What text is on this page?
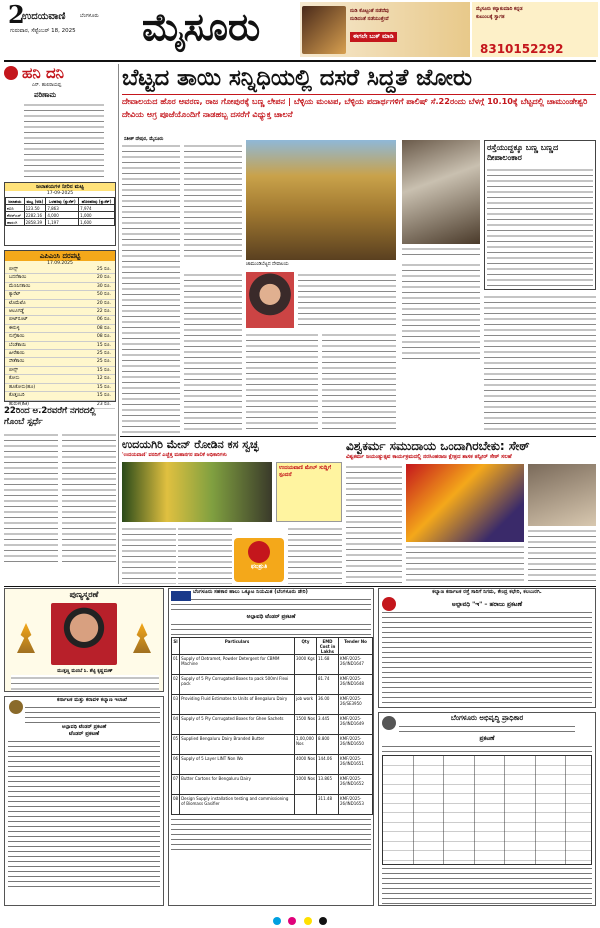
2
ಉದಯವಾಣಿ	ಬೆಂಗಳೂರು
ಗುರುವಾರ, ಸೆಪ್ಟೆಂಬರ್ 18, 2025 ಮೈಸೂರು	ನುಡಿ ಕೊಟ್ಟಂತೆ ನಡೆದೆವು
ನುಡಿದಂತೆ ನಡೆಯುತ್ತೇವೆ
ಈಗಲೇ ಬುಕ್ ಮಾಡಿ
ಮೈಸೂರು ಕನ್ಯಾಕುಮಾರಿ ಕನ್ನಡ
ಕುಟುಂಬಕ್ಕೆ ಸ್ವಾಗತ
8310152292
ಹನಿ ದನಿ
ಎನ್. ಹುಲಿರಾಯಪ್ಪ
ಪರಿಣಾಮ
ಜಲಾಶಯಗಳ ನೀರಿನ ಮಟ್ಟ
17-09-2025
ಜಲಾಶಯ	ಮಟ್ಟ (ಅಡಿ)	ಒಳಹರಿವು (ಕ್ಯುಸೆಕ್)	ಹೊರಹರಿವು (ಕ್ಯುಸೆಕ್)
ಕಬಿನಿ	123.50	7,863	7,974
ಕೆಆರ್‌ಎಸ್	2282.16	4,000	1,000
ಹಾರಂಗಿ	2858.39	1,197	1,600
ಎಪಿಎಂಸಿ ದರಪಟ್ಟಿ
17.09.2025
ಬೀನ್ಸ್	25 ರೂ.
ಬದನೆಕಾಯಿ	20 ರೂ.
ಮೆಣಸಿನಕಾಯಿ	30 ರೂ.
ಕ್ಯಾರೆಟ್	50 ರೂ.
ಟೊಮೆಟೊ	20 ರೂ.
ಆಲೂಗಡ್ಡೆ	22 ರೂ.
ಬೀಟ್‌ರೂಟ್	06 ರೂ.
ಈರುಳ್ಳಿ	08 ರೂ.
ನುಗ್ಗೆಕಾಯಿ	08 ರೂ.
ಬೆಂಡೆಕಾಯಿ	15 ರೂ.
ಹೀರೆಕಾಯಿ	25 ರೂ.
ಸೌತೆಕಾಯಿ	25 ರೂ.
ಬೀನ್ಸ್	15 ರೂ.
ಕೋಸು	12 ರೂ.
ಹೂಕೋಸು(ಹೂ)	15 ರೂ.
ಕೊತ್ತಂಬರಿ	15 ರೂ.
ಹುರುಳಿ(ಕೆಜಿ)	23 ರೂ.
22ರಿಂದ ಅ.2ರವರೆಗೆ ನಗರದಲ್ಲಿ ಗೊಂಬೆ ಸ್ಪರ್ಧೆ
ಬೆಟ್ಟದ ತಾಯಿ ಸನ್ನಿಧಿಯಲ್ಲಿ ದಸರೆ ಸಿದ್ದತೆ ಜೋರು
ದೇವಾಲಯದ ಹೊರ ಆವರಣ, ರಾಜ ಗೋಪುರಕ್ಕೆ ಬಣ್ಣ ಲೇಪನ | ಬೆಳ್ಳಿಯ ಮಂಟಪ, ಬೆಳ್ಳಿಯ ಪದಾರ್ಥಗಳಿಗೆ ಪಾಲಿಷ್ ಸೆ.22ರಂದು ಬೆಳಗ್ಗೆ 10.10ಕ್ಕೆ ಬೆಟ್ಟದಲ್ಲಿ ಚಾಮುಂಡೇಶ್ವರಿ ದೇವಿಯ ಅಗ್ರ ಪೂಜೆಯೊಂದಿಗೆ ನಾಡಹಬ್ಬ ದಸರೆಗೆ ವಿಧ್ಯುಕ್ತ ಚಾಲನೆ
ಸತೀಶ್ ದೇಪುರ, ಮೈಸೂರು
ಚಾಮುಂಡಿಬೆಟ್ಟದ ದೇವಾಲಯ
ರಸ್ತೆಯುದ್ದಕ್ಕೂ ಬಣ್ಣ ಬಣ್ಣದ ದೀಪಾಲಂಕಾರ
ಉದಯಗಿರಿ ಮೇನ್ ರೋಡಿನ ಕಸ ಸ್ವಚ್ಛ
'ಉದಯವಾಣಿ' ವರದಿಗೆ ಎಚ್ಚೆತ್ತ ಮಹಾನಗರ ಪಾಲಿಕೆ ಅಧಿಕಾರಿಗಳು
ಉದಯವಾಣಿ ಮೇಲ್ ಸುದ್ದಿಗೆ ಸ್ಪಂದನೆ
ಫಲಶ್ರುತಿ
ವಿಶ್ವಕರ್ಮ ಸಮುದಾಯ ಒಂದಾಗಿರಬೇಕು: ಸೇಠ್
ವಿಶ್ವಕರ್ಮ ಜಯಂತ್ಯುತ್ಸವ ಕಾರ್ಯಕ್ರಮದಲ್ಲಿ ನರಸಿಂಹರಾಜ ಕ್ಷೇತ್ರದ ಶಾಸಕ ತನ್ವೀರ್ ಸೇಠ್ ಸಲಹೆ
ಪುಣ್ಯಸ್ಮರಣೆ
ಮುತ್ತಣ್ಣ ಮಣಿಬೆ ಸಿ. ಶೆಟ್ಟಿ ಕೃಷ್ಣಮಣ್
ಬೆಂಗಳೂರು ಸಹಕಾರ ಹಾಲು ಒಕ್ಕೂಟ ನಿಯಮಿತ (ಬೆಂಗಳೂರು ಡೇರಿ)
ಅಲ್ಪಾವಧಿ ಟೆಂಡರ್ ಪ್ರಕಟಣೆ
Sl	Particulars	Qty	EMD Cost in Lakhs	Tender No
01	Supply of Detramet, Powder Detergent for CBMM Machine	3000 Kgs	11.68	KMF/2025-26/IND1647
02	Supply of 5 Ply Corrugated Boxes to pack 500ml Flexi pack		81.74	KMF/2025-26/IND1648
03	Providing Fluid Estimates to Units of Bengaluru Dairy	job work	36.00	KMF/2025-26/SE3950
04	Supply of 5 Ply Corrugated Boxes for Ghee Sachets	1500 Nos	3.445	KMF/2025-26/IND1649
05	Supplied Bengaluru Dairy Branded Butter	1,00,000 Nos	8.800	KMF/2025-26/IND1650
06	Supply of 5 Layer LINT Non Wo	4000 Nos	144.06	KMF/2025-26/IND1651
07	Butter Cartons for Bengaluru Dairy	1000 Nos	13.865	KMF/2025-26/IND1652
08	Design Supply installation testing and commissioning of Biomass Gasifier		311.48	KMF/2025-26/IND1653
ಕಲ್ಯಾಣ ಕರ್ನಾಟಕ ರಸ್ತೆ ಸಾರಿಗೆ ನಿಗಮ, ಕೇಂದ್ರ ಕಛೇರಿ, ಕಲಬುರಗಿ.
ಅಲ್ಪಾವಧಿ "ಇ" – ಹರಾಜು ಪ್ರಕಟಣೆ
ಬೆಂಗಳೂರು ಅಭಿವೃದ್ಧಿ ಪ್ರಾಧಿಕಾರ
ಪ್ರಕಟಣೆ
ಕರ್ನಾಟಕ ಮತ್ತು ಕರಾವಳಿ ಕಲ್ಯಾಣ ಇಲಾಖೆ
ಅಲ್ಪಾವಧಿ ಟೆಂಡರ್ ಪ್ರಕಟಣೆ
ಟೆಂಡರ್ ಪ್ರಕಟಣೆ
